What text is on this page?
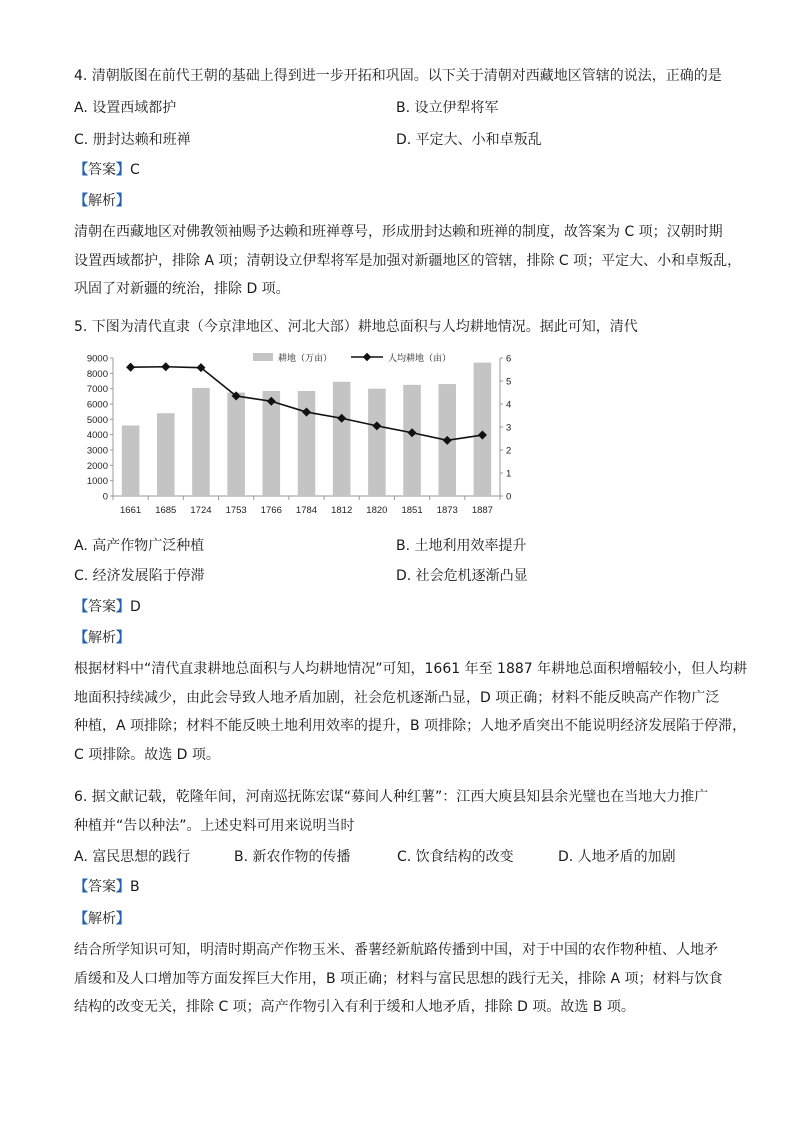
4. 清朝版图在前代王朝的基础上得到进一步开拓和巩固。以下关于清朝对西藏地区管辖的说法，正确的是
A. 设置西域都护	B. 设立伊犁将军
C. 册封达赖和班禅	D. 平定大、小和卓叛乱
【答案】C
【解析】
清朝在西藏地区对佛教领袖赐予达赖和班禅尊号，形成册封达赖和班禅的制度，故答案为 C 项；汉朝时期
设置西域都护，排除 A 项；清朝设立伊犁将军是加强对新疆地区的管辖，排除 C 项；平定大、小和卓叛乱，
巩固了对新疆的统治，排除 D 项。
5. 下图为清代直隶（今京津地区、河北大部）耕地总面积与人均耕地情况。据此可知，清代
0
1000
2000
3000
4000
5000
6000
7000
8000
9000
0
1
2
3
4
5
6
1661 1685 1724 1753 1766 1784 1812 1820 1851 1873 1887
耕地（万亩）	人均耕地（亩）
A. 高产作物广泛种植	B. 土地利用效率提升
C. 经济发展陷于停滞	D. 社会危机逐渐凸显
【答案】D
【解析】
根据材料中“清代直隶耕地总面积与人均耕地情况”可知，1661 年至 1887 年耕地总面积增幅较小，但人均耕
地面积持续减少，由此会导致人地矛盾加剧，社会危机逐渐凸显，D 项正确；材料不能反映高产作物广泛
种植，A 项排除；材料不能反映土地利用效率的提升，B 项排除；人地矛盾突出不能说明经济发展陷于停滞，
C 项排除。故选 D 项。
6. 据文献记载，乾隆年间，河南巡抚陈宏谋“募间人种红薯”：江西大庾县知县余光璧也在当地大力推广
种植并“告以种法”。上述史料可用来说明当时
A. 富民思想的践行	B. 新农作物的传播	C. 饮食结构的改变	D. 人地矛盾的加剧
【答案】B
【解析】
结合所学知识可知，明清时期高产作物玉米、番薯经新航路传播到中国，对于中国的农作物种植、人地矛
盾缓和及人口增加等方面发挥巨大作用，B 项正确；材料与富民思想的践行无关，排除 A 项；材料与饮食
结构的改变无关，排除 C 项；高产作物引入有利于缓和人地矛盾，排除 D 项。故选 B 项。
